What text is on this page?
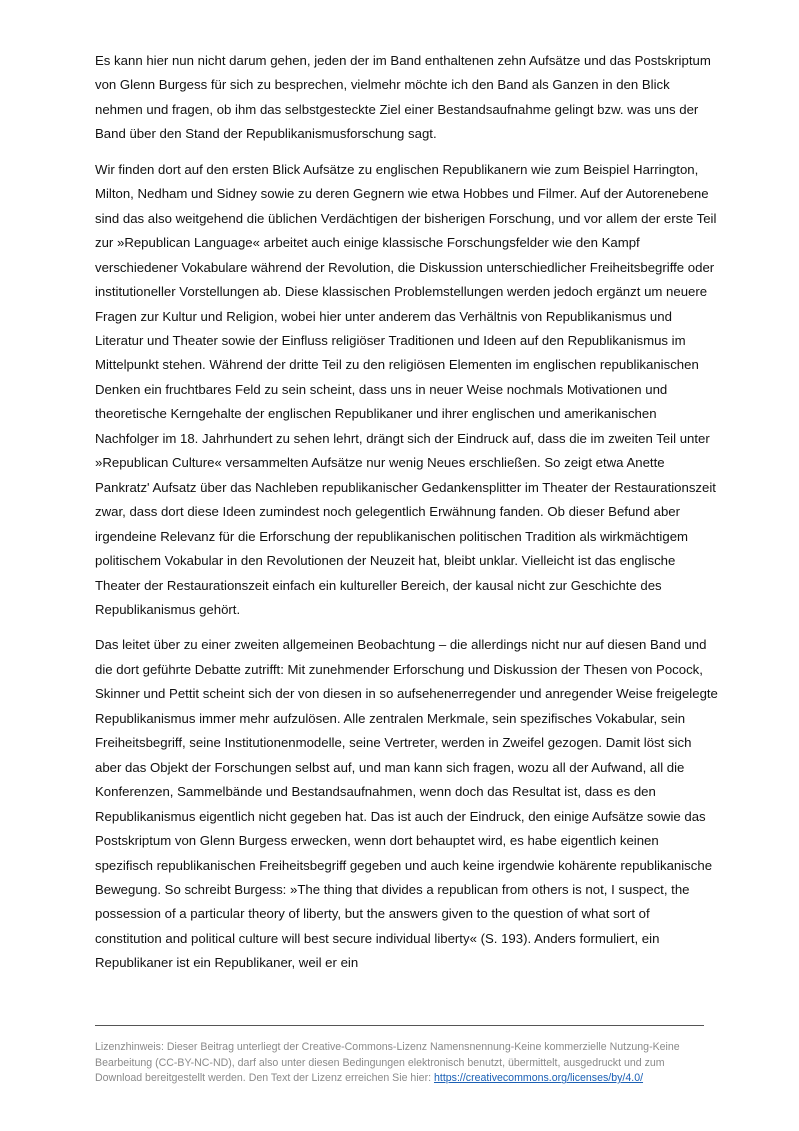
Es kann hier nun nicht darum gehen, jeden der im Band enthaltenen zehn Aufsätze und das Postskriptum von Glenn Burgess für sich zu besprechen, vielmehr möchte ich den Band als Ganzen in den Blick nehmen und fragen, ob ihm das selbstgesteckte Ziel einer Bestandsaufnahme gelingt bzw. was uns der Band über den Stand der Republikanismusforschung sagt.

Wir finden dort auf den ersten Blick Aufsätze zu englischen Republikanern wie zum Beispiel Harrington, Milton, Nedham und Sidney sowie zu deren Gegnern wie etwa Hobbes und Filmer. Auf der Autorenebene sind das also weitgehend die üblichen Verdächtigen der bisherigen Forschung, und vor allem der erste Teil zur »Republican Language« arbeitet auch einige klassische Forschungsfelder wie den Kampf verschiedener Vokabulare während der Revolution, die Diskussion unterschiedlicher Freiheitsbegriffe oder institutioneller Vorstellungen ab. Diese klassischen Problemstellungen werden jedoch ergänzt um neuere Fragen zur Kultur und Religion, wobei hier unter anderem das Verhältnis von Republikanismus und Literatur und Theater sowie der Einfluss religiöser Traditionen und Ideen auf den Republikanismus im Mittelpunkt stehen. Während der dritte Teil zu den religiösen Elementen im englischen republikanischen Denken ein fruchtbares Feld zu sein scheint, dass uns in neuer Weise nochmals Motivationen und theoretische Kerngehalte der englischen Republikaner und ihrer englischen und amerikanischen Nachfolger im 18. Jahrhundert zu sehen lehrt, drängt sich der Eindruck auf, dass die im zweiten Teil unter »Republican Culture« versammelten Aufsätze nur wenig Neues erschließen. So zeigt etwa Anette Pankratz' Aufsatz über das Nachleben republikanischer Gedankensplitter im Theater der Restaurationszeit zwar, dass dort diese Ideen zumindest noch gelegentlich Erwähnung fanden. Ob dieser Befund aber irgendeine Relevanz für die Erforschung der republikanischen politischen Tradition als wirkmächtigem politischem Vokabular in den Revolutionen der Neuzeit hat, bleibt unklar. Vielleicht ist das englische Theater der Restaurationszeit einfach ein kultureller Bereich, der kausal nicht zur Geschichte des Republikanismus gehört.

Das leitet über zu einer zweiten allgemeinen Beobachtung – die allerdings nicht nur auf diesen Band und die dort geführte Debatte zutrifft: Mit zunehmender Erforschung und Diskussion der Thesen von Pocock, Skinner und Pettit scheint sich der von diesen in so aufsehenerregender und anregender Weise freigelegte Republikanismus immer mehr aufzulösen. Alle zentralen Merkmale, sein spezifisches Vokabular, sein Freiheitsbegriff, seine Institutionenmodelle, seine Vertreter, werden in Zweifel gezogen. Damit löst sich aber das Objekt der Forschungen selbst auf, und man kann sich fragen, wozu all der Aufwand, all die Konferenzen, Sammelbände und Bestandsaufnahmen, wenn doch das Resultat ist, dass es den Republikanismus eigentlich nicht gegeben hat. Das ist auch der Eindruck, den einige Aufsätze sowie das Postskriptum von Glenn Burgess erwecken, wenn dort behauptet wird, es habe eigentlich keinen spezifisch republikanischen Freiheitsbegriff gegeben und auch keine irgendwie kohärente republikanische Bewegung. So schreibt Burgess: »The thing that divides a republican from others is not, I suspect, the possession of a particular theory of liberty, but the answers given to the question of what sort of constitution and political culture will best secure individual liberty« (S. 193). Anders formuliert, ein Republikaner ist ein Republikaner, weil er ein

Lizenzhinweis: Dieser Beitrag unterliegt der Creative-Commons-Lizenz Namensnennung-Keine kommerzielle Nutzung-Keine Bearbeitung (CC-BY-NC-ND), darf also unter diesen Bedingungen elektronisch benutzt, übermittelt, ausgedruckt und zum Download bereitgestellt werden. Den Text der Lizenz erreichen Sie hier: https://creativecommons.org/licenses/by/4.0/
